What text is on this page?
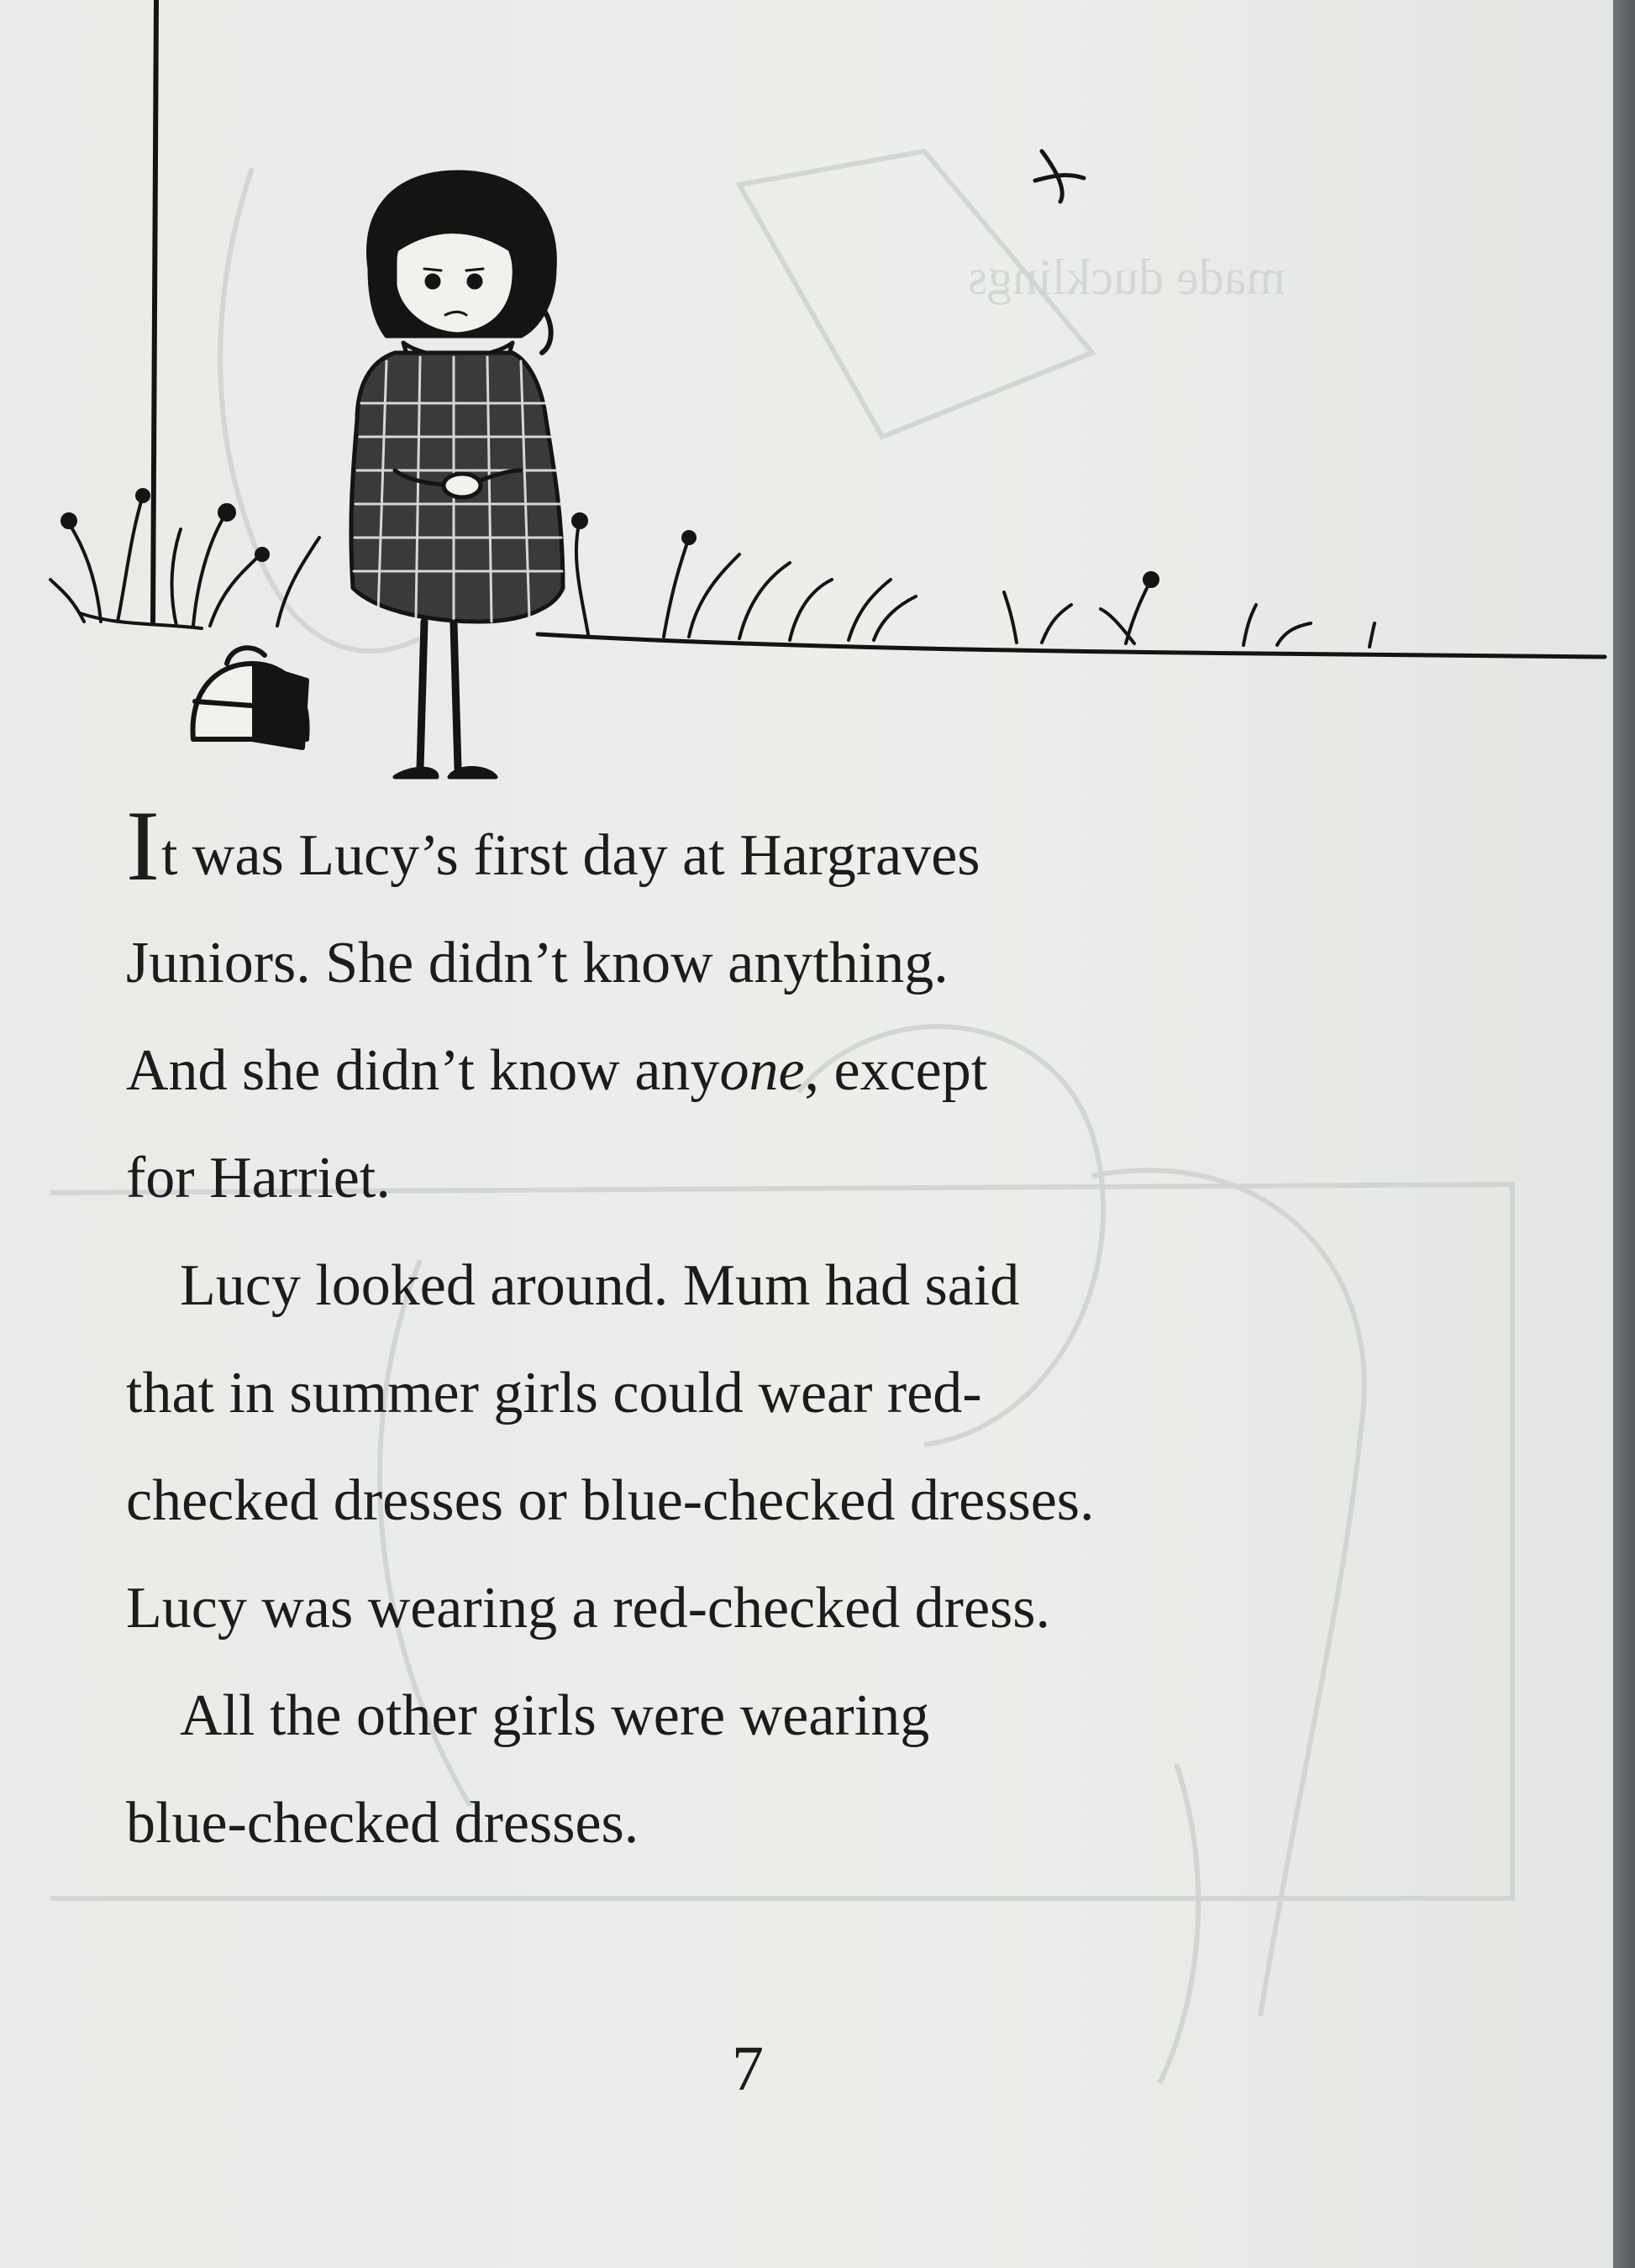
made ducklings

It was Lucy’s first day at Hargraves
Juniors. She didn’t know anything.
And she didn’t know anyone, except
for Harriet.

Lucy looked around. Mum had said
that in summer girls could wear red-
checked dresses or blue-checked dresses.
Lucy was wearing a red-checked dress.

All the other girls were wearing
blue-checked dresses.

7
